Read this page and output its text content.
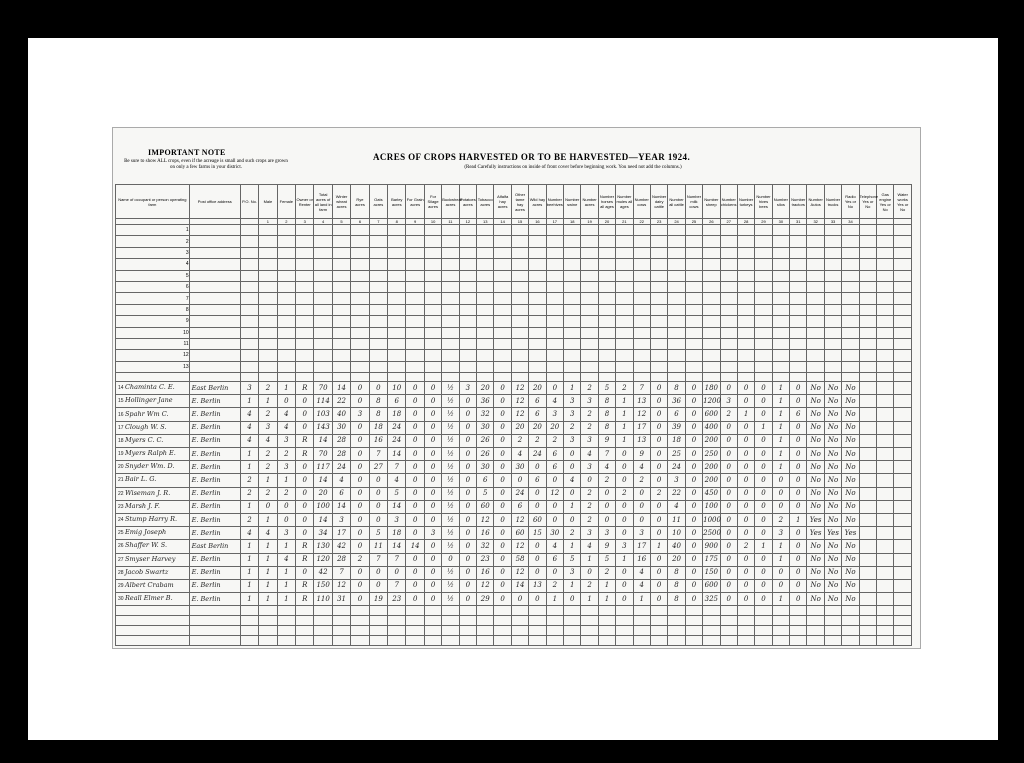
IMPORTANT NOTE
Be sure to show ALL crops, even if the acreage is small and such crops are grown on only a few farms in your district.
ACRES OF CROPS HARVESTED OR TO BE HARVESTED—YEAR 1924.
(Read Carefully instructions on inside of front cover before beginning work. You need not add the columns.)
Name of occupant or person operating farm	Post office address	P.O. No.	Male	Female	Owner or Renter	Total acres of all land in farm	Winter wheat acres	Rye acres	Oats acres	Barley acres	For Grain acres	For Silage acres	Buckwheat acres	Potatoes acres	Tobacco acres	Alfalfa hay acres	Other tame hay acres	Wild hay acres	Number beehives	Number swine	Number acres	Number horses all ages	Number mules all ages	Number cows	Number dairy cattle	Number all cattle	Number milk cows	Number sheep	Number chickens	Number turkeys	Number hives bees	Number silos	Number tractors	Number Autos	Number trucks	Radio Yes or No	Telephone Yes or No	Gas engine Yes or No	Water works Yes or No
			1	2	3	4	5	6	7	8	9	10	11	12	13	14	15	16	17	18	19	20	21	22	23	24	25	26	27	28	29	30	31	32	33	34			
1																																							
2																																							
3																																							
4																																							
5																																							
6																																							
7																																							
8																																							
9																																							
10																																							
11																																							
12																																							
13																																							

14 Chaminta C. E.	East Berlin	3	2	1	R	70	14	0	0	10	0	0	½	3	20	0	12	20	0	1	2	5	2	7	0	8	0	180	0	0	0	1	0	No	No	No			
15 Hollinger Jane	E. Berlin	1	1	0	0	114	22	0	8	6	0	0	½	0	36	0	12	6	4	3	3	8	1	13	0	36	0	1200	3	0	0	1	0	No	No	No			
16 Spahr Wm C.	E. Berlin	4	2	4	0	103	40	3	8	18	0	0	½	0	32	0	12	6	3	3	2	8	1	12	0	6	0	600	2	1	0	1	6	No	No	No			
17 Clough W. S.	E. Berlin	4	3	4	0	143	30	0	18	24	0	0	½	0	30	0	20	20	20	2	2	8	1	17	0	39	0	400	0	0	1	1	0	No	No	No			
18 Myers C. C.	E. Berlin	4	4	3	R	14	28	0	16	24	0	0	½	0	26	0	2	2	2	3	3	9	1	13	0	18	0	200	0	0	0	1	0	No	No	No			
19 Myers Ralph E.	E. Berlin	1	2	2	R	70	28	0	7	14	0	0	½	0	26	0	4	24	6	0	4	7	0	9	0	25	0	250	0	0	0	1	0	No	No	No			
20 Snyder Wm. D.	E. Berlin	1	2	3	0	117	24	0	27	7	0	0	½	0	30	0	30	0	6	0	3	4	0	4	0	24	0	200	0	0	0	1	0	No	No	No			
21 Bair L. G.	E. Berlin	2	1	1	0	14	4	0	0	4	0	0	½	0	6	0	0	6	0	4	0	2	0	2	0	3	0	200	0	0	0	0	0	No	No	No			
22 Wiseman J. R.	E. Berlin	2	2	2	0	20	6	0	0	5	0	0	½	0	5	0	24	0	12	0	2	0	2	0	2	22	0	450	0	0	0	0	0	No	No	No			
23 Marsh J. F.	E. Berlin	1	0	0	0	100	14	0	0	14	0	0	½	0	60	0	6	0	0	1	2	0	0	0	0	4	0	100	0	0	0	0	0	No	No	No			
24 Stump Harry R.	E. Berlin	2	1	0	0	14	3	0	0	3	0	0	½	0	12	0	12	60	0	0	2	0	0	0	0	11	0	1000	0	0	0	2	1	Yes	No	No			
25 Emig Joseph	E. Berlin	4	4	3	0	34	17	0	5	18	0	3	½	0	16	0	60	15	30	2	3	3	0	3	0	10	0	2500	0	0	0	3	0	Yes	Yes	Yes			
26 Shaffer W. S.	East Berlin	1	1	1	R	130	42	0	11	14	14	0	½	0	32	0	12	0	4	1	4	9	3	17	1	40	0	900	0	2	1	1	0	No	No	No			
27 Smyser Harvey	E. Berlin	1	1	4	R	120	28	2	7	7	0	0	0	0	23	0	58	0	6	5	1	5	1	16	0	20	0	175	0	0	0	1	0	No	No	No			
28 Jacob Swartz	E. Berlin	1	1	1	0	42	7	0	0	0	0	0	½	0	16	0	12	0	0	3	0	2	0	4	0	8	0	150	0	0	0	0	0	No	No	No			
29 Albert Crabam	E. Berlin	1	1	1	R	150	12	0	0	7	0	0	½	0	12	0	14	13	2	1	2	1	0	4	0	8	0	600	0	0	0	0	0	No	No	No			
30 Reall Elmer B.	E. Berlin	1	1	1	R	110	31	0	19	23	0	0	½	0	29	0	0	0	1	0	1	1	0	1	0	8	0	325	0	0	0	1	0	No	No	No			
